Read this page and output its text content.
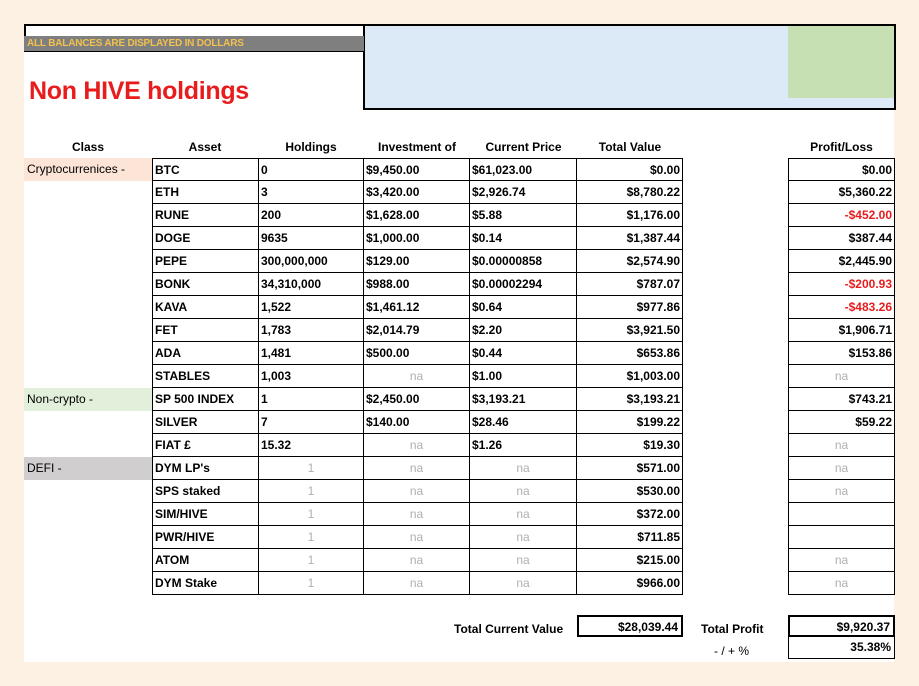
ALL BALANCES ARE DISPLAYED IN DOLLARS
Non HIVE holdings
Class	Asset	Holdings	Investment of	Current Price	Total Value	Profit/Loss
Cryptocurrenices -	BTC	0	$9,450.00	$61,023.00	$0.00	$0.00
ETH	3	$3,420.00	$2,926.74	$8,780.22	$5,360.22
RUNE	200	$1,628.00	$5.88	$1,176.00	-$452.00
DOGE	9635	$1,000.00	$0.14	$1,387.44	$387.44
PEPE	300,000,000	$129.00	$0.00000858	$2,574.90	$2,445.90
BONK	34,310,000	$988.00	$0.00002294	$787.07	-$200.93
KAVA	1,522	$1,461.12	$0.64	$977.86	-$483.26
FET	1,783	$2,014.79	$2.20	$3,921.50	$1,906.71
ADA	1,481	$500.00	$0.44	$653.86	$153.86
STABLES	1,003	na	$1.00	$1,003.00	na
Non-crypto -	SP 500 INDEX	1	$2,450.00	$3,193.21	$3,193.21	$743.21
SILVER	7	$140.00	$28.46	$199.22	$59.22
FIAT £	15.32	na	$1.26	$19.30	na
DEFI -	DYM LP's	1	na	na	$571.00	na
SPS staked	1	na	na	$530.00	na
SIM/HIVE	1	na	na	$372.00
PWR/HIVE	1	na	na	$711.85
ATOM	1	na	na	$215.00	na
DYM Stake	1	na	na	$966.00	na
Total Current Value	$28,039.44	Total Profit	$9,920.37
- / + %	35.38%
